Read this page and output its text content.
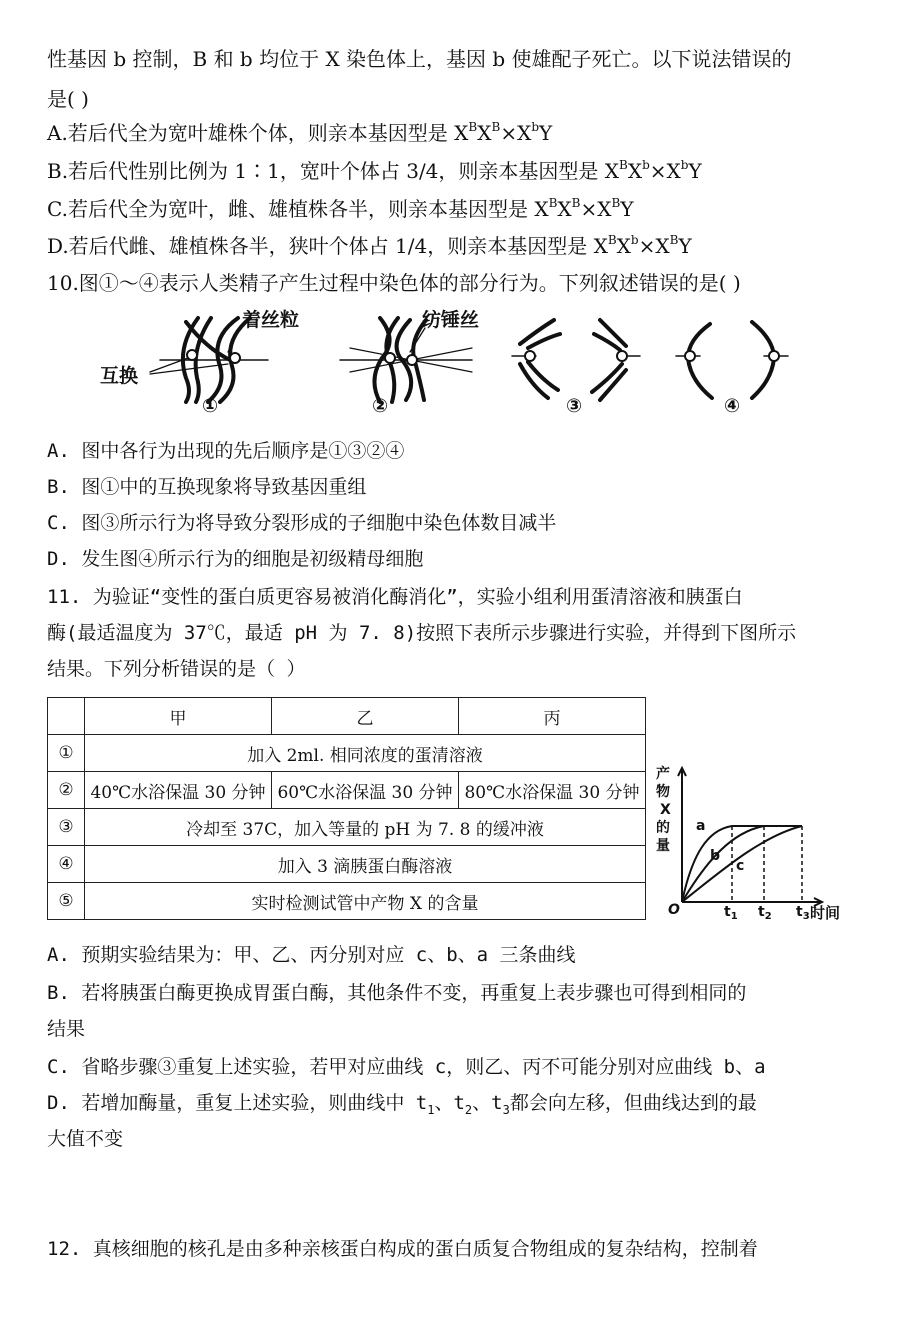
性基因 b 控制，B 和 b 均位于 X 染色体上，基因 b 使雄配子死亡。以下说法错误的
是( )
A.若后代全为宽叶雄株个体，则亲本基因型是 $X^BX^B\times X^bY$
B.若后代性别比例为 1∶1，宽叶个体占 3/4，则亲本基因型是 $X^BX^b\times X^bY$
C.若后代全为宽叶，雌、雄植株各半，则亲本基因型是 $X^BX^B\times X^BY$
D.若后代雌、雄植株各半，狭叶个体占 1/4，则亲本基因型是 $X^BX^b\times X^BY$
10.图①～④表示人类精子产生过程中染色体的部分行为。下列叙述错误的是( )
着丝粒	纺锤丝
互换
①	②	③	④
A. 图中各行为出现的先后顺序是①③②④
B. 图①中的互换现象将导致基因重组
C. 图③所示行为将导致分裂形成的子细胞中染色体数目减半
D. 发生图④所示行为的细胞是初级精母细胞
11. 为验证“变性的蛋白质更容易被消化酶消化”，实验小组利用蛋清溶液和胰蛋白
酶(最适温度为 37℃，最适 pH 为 7. 8)按照下表所示步骤进行实验，并得到下图所示
结果。下列分析错误的是（ ）
	甲	乙	丙
①	加入 2ml. 相同浓度的蛋清溶液		
②	40℃水浴保温 30 分钟	60℃水浴保温 30 分钟	80℃水浴保温 30 分钟
③	冷却至 37C，加入等量的 pH 为 7. 8 的缓冲液		
④	加入 3 滴胰蛋白酶溶液		
⑤	实时检测试管中产物 X 的含量		
产
物
X
的
量
O	时间
$t_1$ $t_2$ $t_3$
a
b
c
A. 预期实验结果为：甲、乙、丙分别对应 c、b、a 三条曲线
B. 若将胰蛋白酶更换成胃蛋白酶，其他条件不变，再重复上表步骤也可得到相同的
结果
C. 省略步骤③重复上述实验，若甲对应曲线 c，则乙、丙不可能分别对应曲线 b、a
D. 若增加酶量，重复上述实验，则曲线中 $t_1$、$t_2$、$t_3$都会向左移，但曲线达到的最
大值不变
12. 真核细胞的核孔是由多种亲核蛋白构成的蛋白质复合物组成的复杂结构，控制着
